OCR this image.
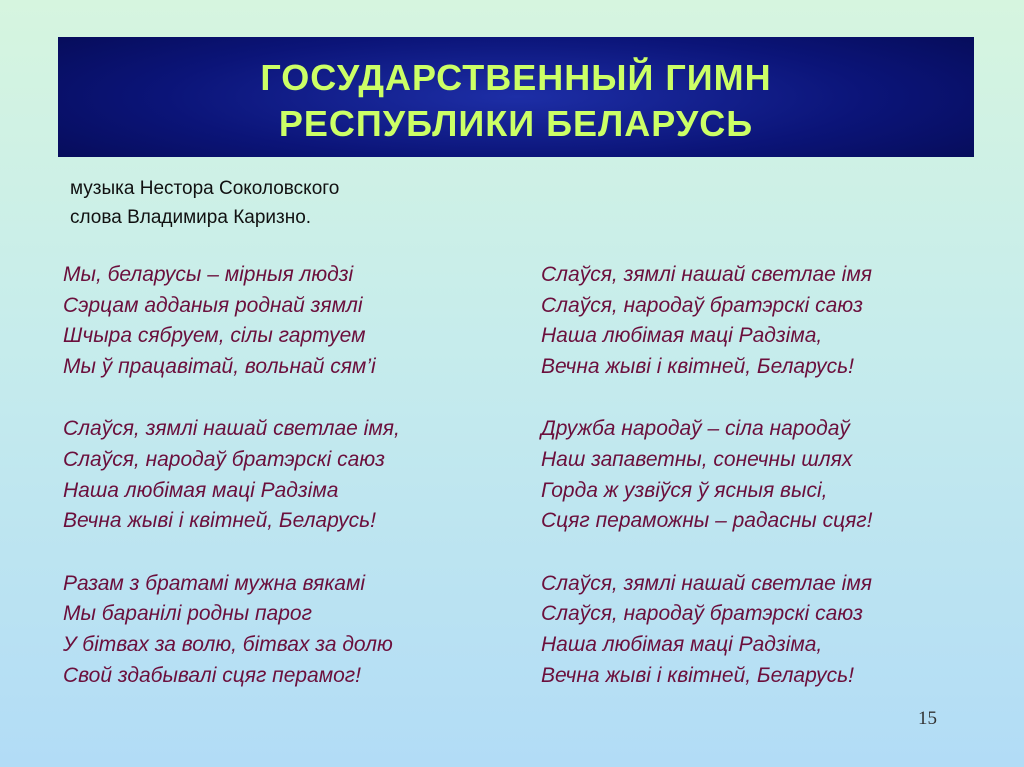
ГОСУДАРСТВЕННЫЙ ГИМН
РЕСПУБЛИКИ БЕЛАРУСЬ
музыка Нестора Соколовского
слова Владимира Каризно.
Мы, беларусы – мірныя людзі
Сэрцам адданыя роднай зямлі
Шчыра сябруем, сілы гартуем
Мы ў працавітай, вольнай сям’і
Слаўся, зямлі нашай светлае імя,
Слаўся, народаў братэрскі саюз
Наша любімая маці Радзіма
Вечна жыві і квітней, Беларусь!
Разам з братамі мужна вякамі
Мы баранілі родны парог
У бітвах за волю, бітвах за долю
Свой здабывалі сцяг перамог!
Слаўся, зямлі нашай светлае імя
Слаўся, народаў братэрскі саюз
Наша любімая маці Радзіма,
Вечна жыві і квітней, Беларусь!
Дружба народаў – сіла народаў
Наш запаветны, сонечны шлях
Горда ж узвіўся ў ясныя высі,
Сцяг пераможны – радасны сцяг!
Слаўся, зямлі нашай светлае імя
Слаўся, народаў братэрскі саюз
Наша любімая маці Радзіма,
Вечна жыві і квітней, Беларусь!
15
